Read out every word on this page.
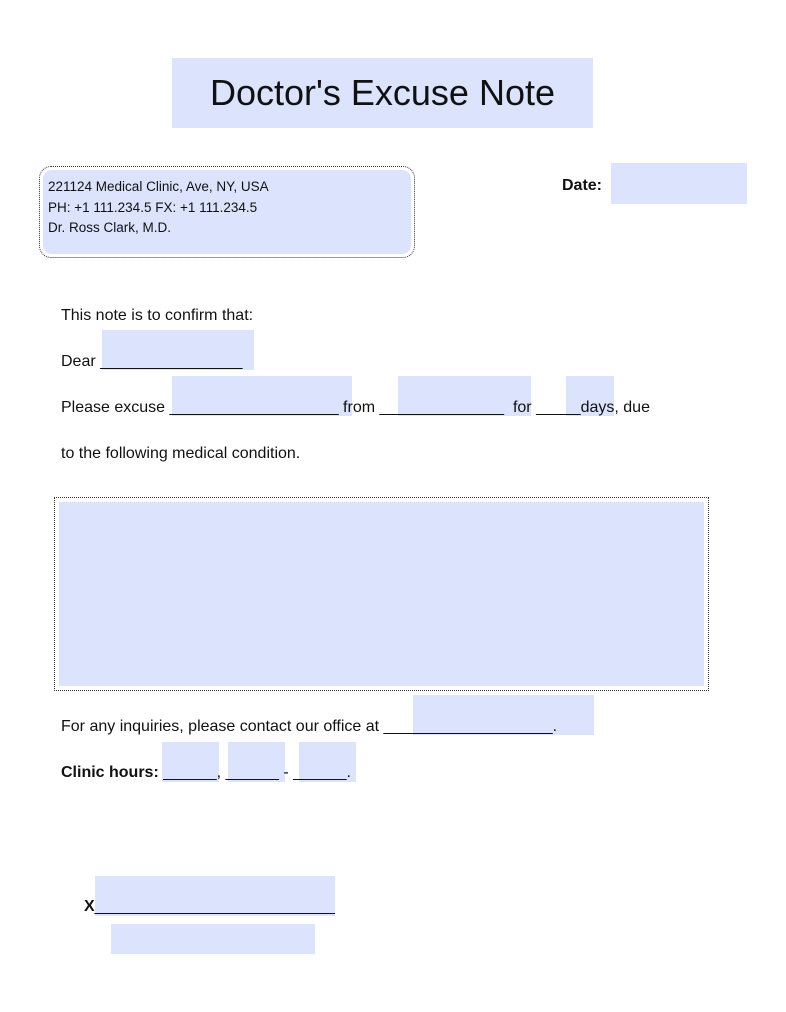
Doctor's Excuse Note
221124 Medical Clinic, Ave, NY, USA
PH: +1 111.234.5 FX: +1 111.234.5
Dr. Ross Clark, M.D.
Date:
This note is to confirm that:
Dear ________________
Please excuse ___________________ from ______________  for _____days, due
to the following medical condition.
For any inquiries, please contact our office at ___________________.
Clinic hours: ______, ______ - ______.
X___________________________
